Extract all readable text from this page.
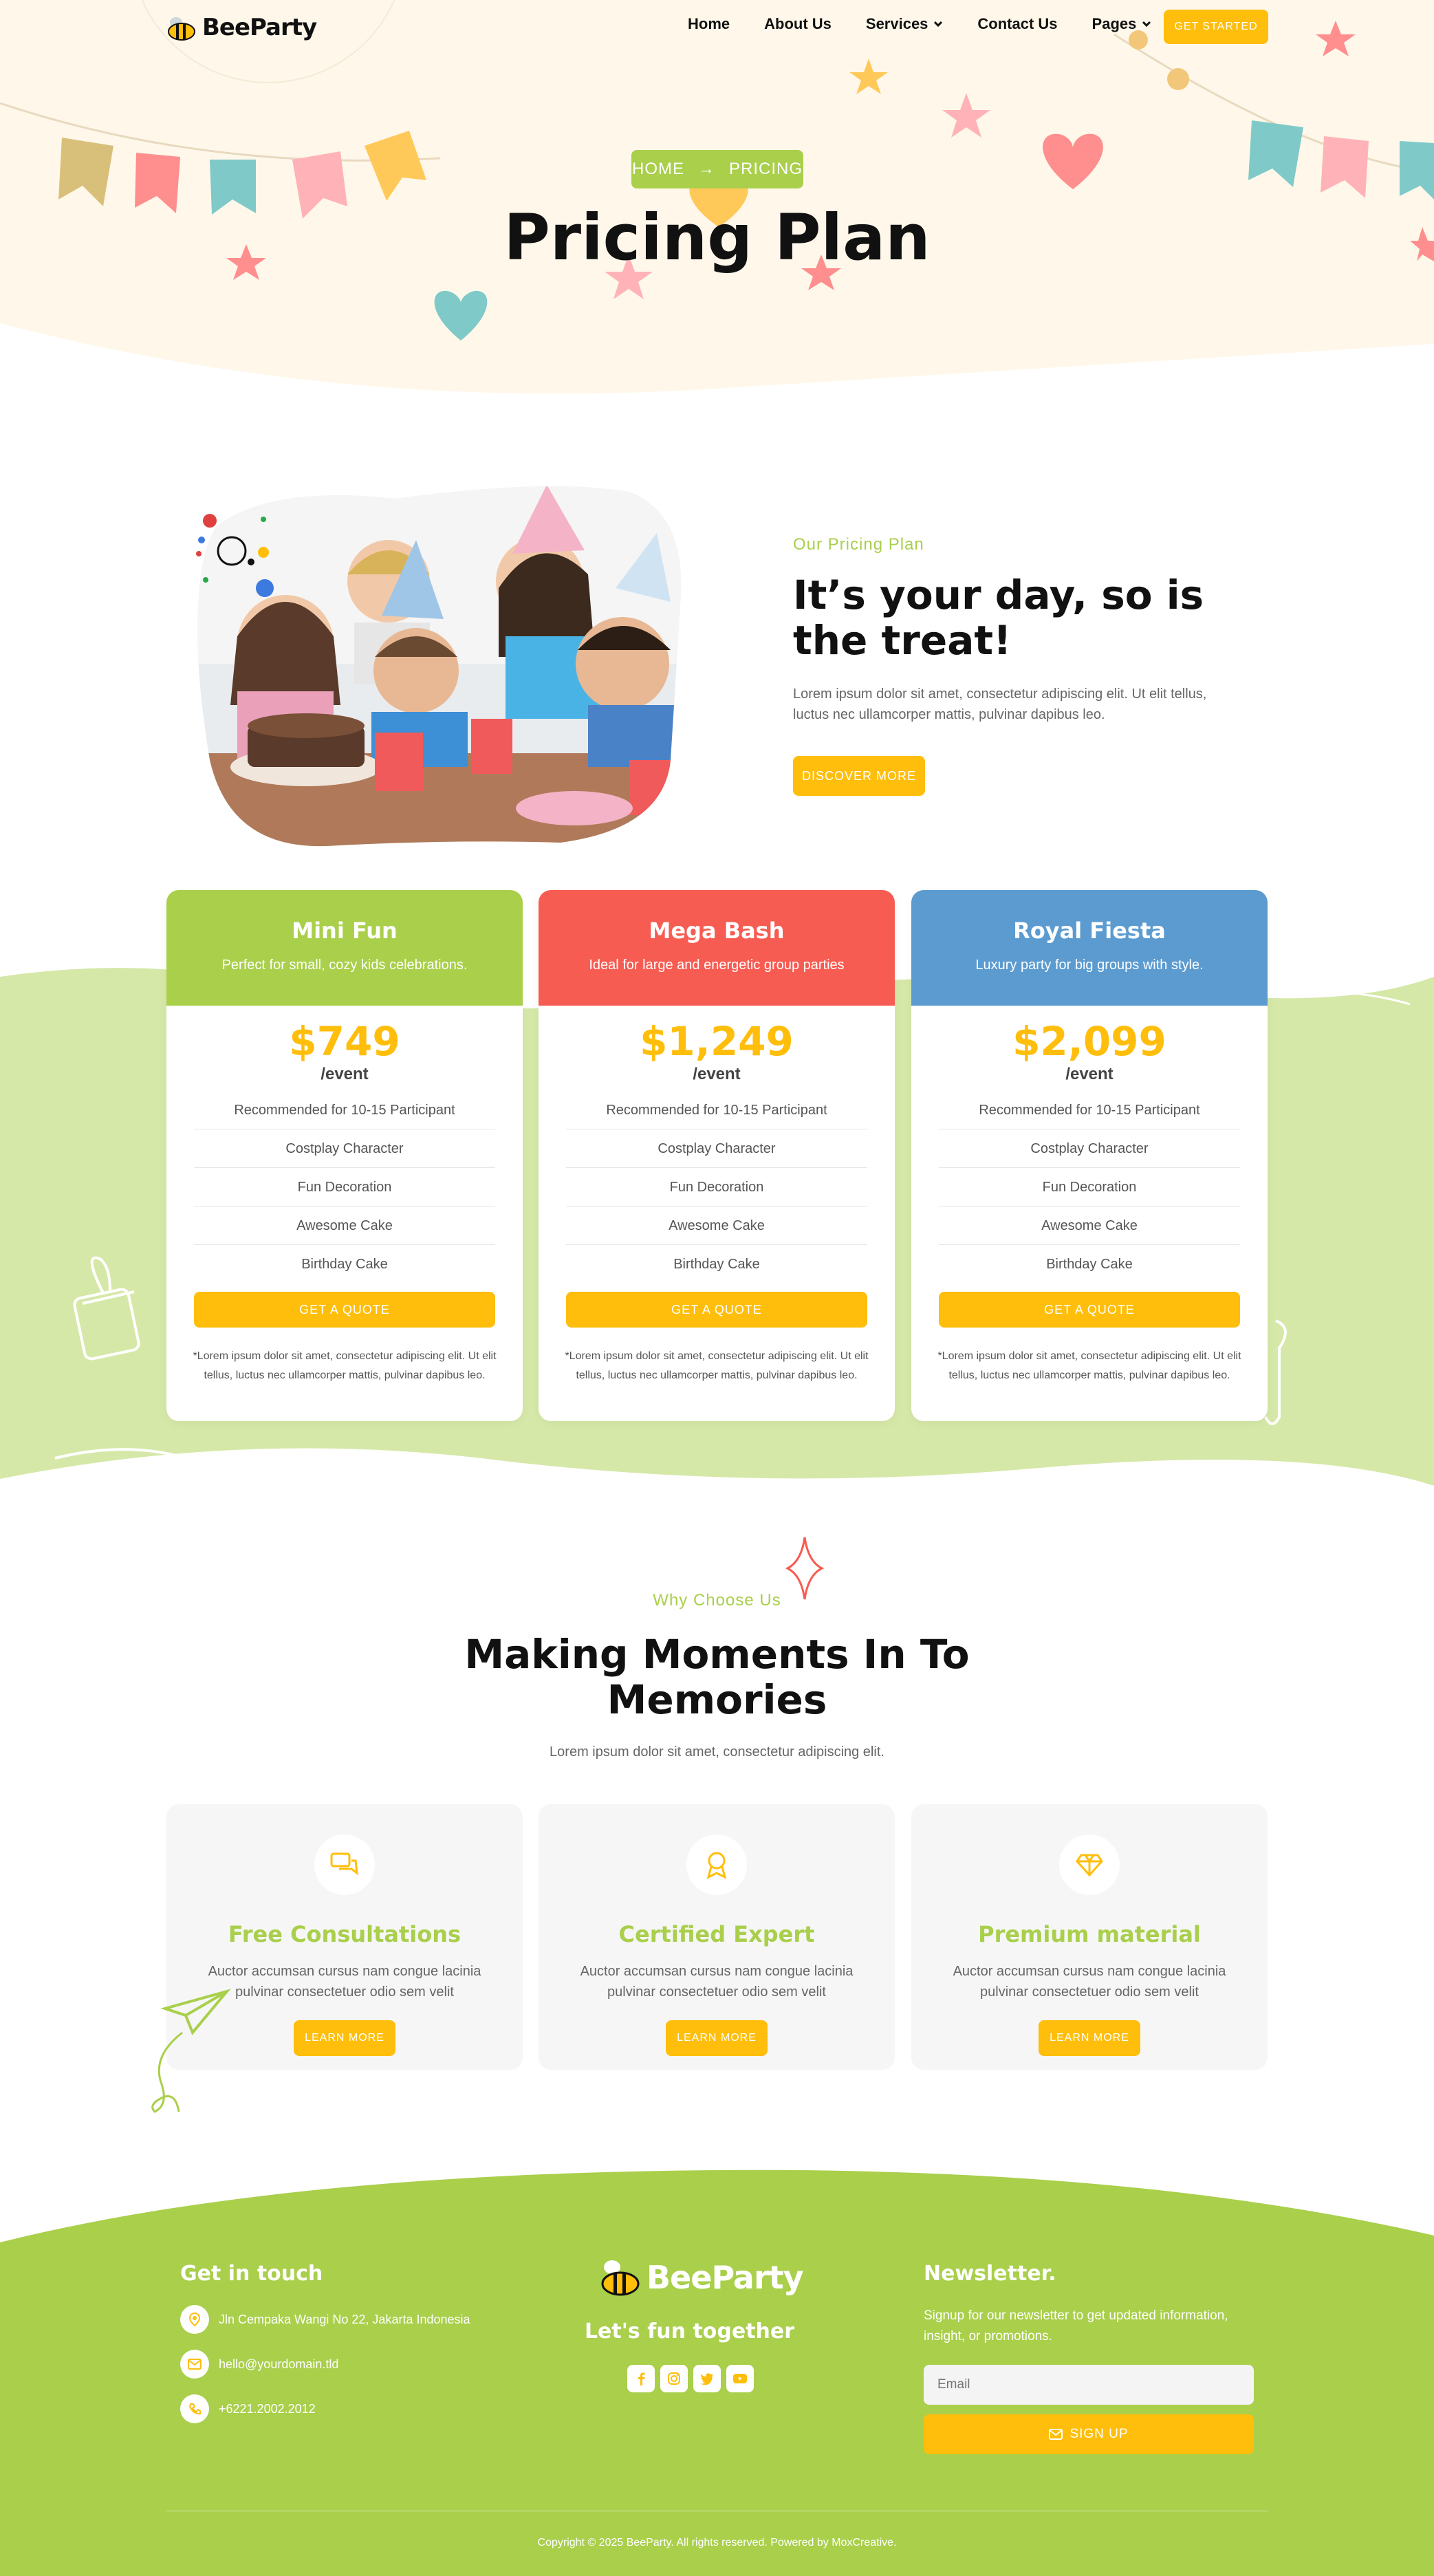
BeeParty	Home About Us Services	Contact Us Pages	GET STARTED
HOME → PRICING
Pricing Plan
Our Pricing Plan
It’s your day, so is the treat!
Lorem ipsum dolor sit amet, consectetur adipiscing elit. Ut elit tellus, luctus nec ullamcorper mattis, pulvinar dapibus leo.
DISCOVER MORE
Mini Fun
Perfect for small, cozy kids celebrations.
$749
/event
Recommended for 10-15 Participant
Costplay Character
Fun Decoration
Awesome Cake
Birthday Cake
GET A QUOTE
*Lorem ipsum dolor sit amet, consectetur adipiscing elit. Ut elit tellus, luctus nec ullamcorper mattis, pulvinar dapibus leo.
Mega Bash
Ideal for large and energetic group parties
$1,249
/event
Recommended for 10-15 Participant
Costplay Character
Fun Decoration
Awesome Cake
Birthday Cake
GET A QUOTE
*Lorem ipsum dolor sit amet, consectetur adipiscing elit. Ut elit tellus, luctus nec ullamcorper mattis, pulvinar dapibus leo.
Royal Fiesta
Luxury party for big groups with style.
$2,099
/event
Recommended for 10-15 Participant
Costplay Character
Fun Decoration
Awesome Cake
Birthday Cake
GET A QUOTE
*Lorem ipsum dolor sit amet, consectetur adipiscing elit. Ut elit tellus, luctus nec ullamcorper mattis, pulvinar dapibus leo.
Why Choose Us
Making Moments In To
Memories
Lorem ipsum dolor sit amet, consectetur adipiscing elit.
Free Consultations
Auctor accumsan cursus nam congue lacinia pulvinar consectetuer odio sem velit
LEARN MORE
Certified Expert
Auctor accumsan cursus nam congue lacinia pulvinar consectetuer odio sem velit
LEARN MORE
Premium material
Auctor accumsan cursus nam congue lacinia pulvinar consectetuer odio sem velit
LEARN MORE
Get in touch
Jln Cempaka Wangi No 22, Jakarta Indonesia
hello@yourdomain.tld
+6221.2002.2012
BeeParty
Let's fun together
Newsletter.
Signup for our newsletter to get updated information, insight, or promotions.
Email
SIGN UP
Copyright © 2025 BeeParty. All rights reserved. Powered by MoxCreative.
